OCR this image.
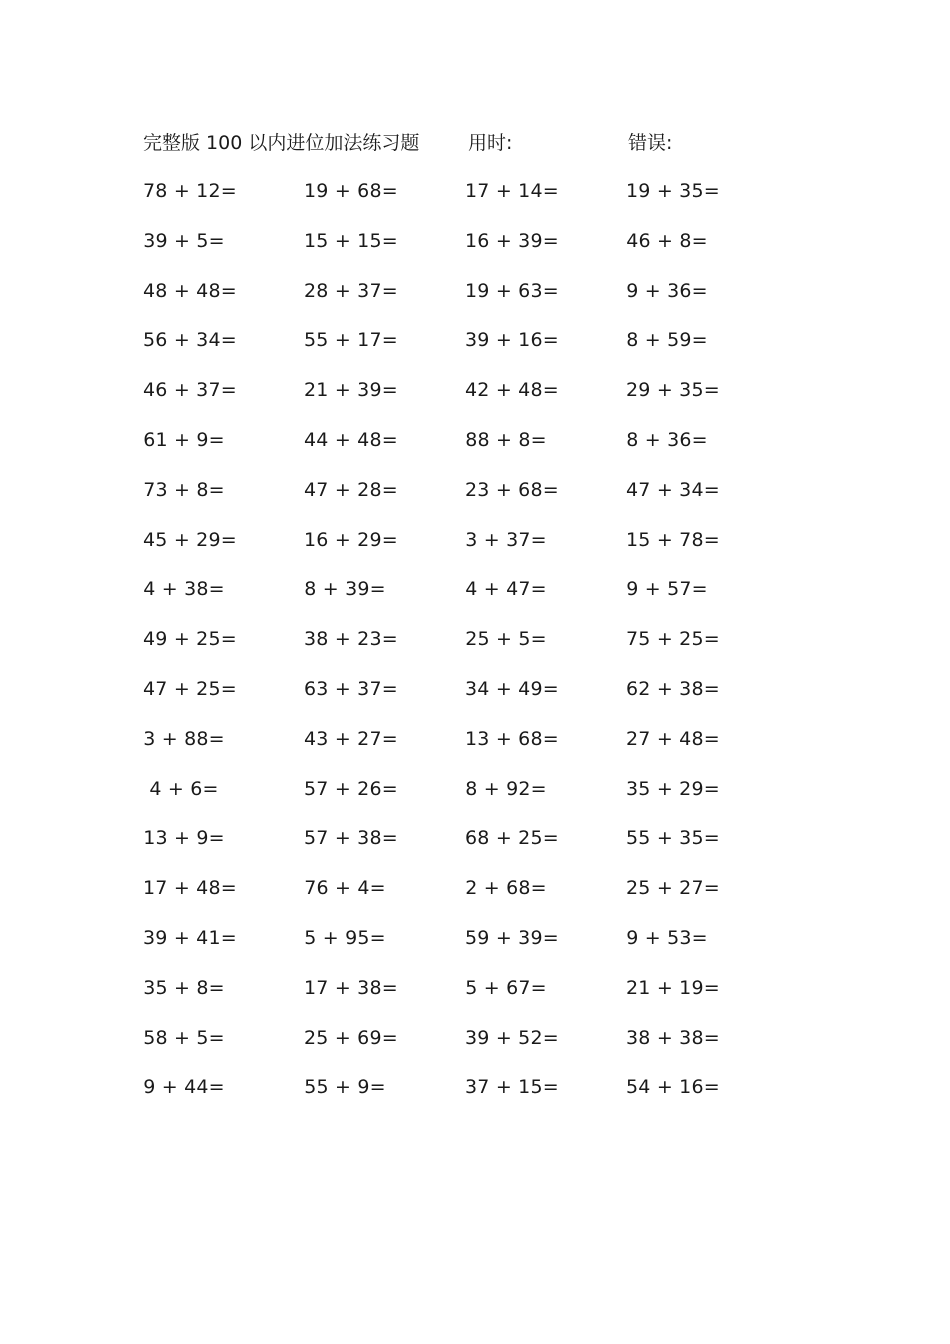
完整版 100 以内进位加法练习题	用时:	错误:
78 + 12=	19 + 68=	17 + 14=	19 + 35=
39 + 5=	15 + 15=	16 + 39=	46 + 8=
48 + 48=	28 + 37=	19 + 63=	9 + 36=
56 + 34=	55 + 17=	39 + 16=	8 + 59=
46 + 37=	21 + 39=	42 + 48=	29 + 35=
61 + 9=	44 + 48=	88 + 8=	8 + 36=
73 + 8=	47 + 28=	23 + 68=	47 + 34=
45 + 29=	16 + 29=	3 + 37=	15 + 78=
4 + 38=	8 + 39=	4 + 47=	9 + 57=
49 + 25=	38 + 23=	25 + 5=	75 + 25=
47 + 25=	63 + 37=	34 + 49=	62 + 38=
3 + 88=	43 + 27=	13 + 68=	27 + 48=
4 + 6=	57 + 26=	8 + 92=	35 + 29=
13 + 9=	57 + 38=	68 + 25=	55 + 35=
17 + 48=	76 + 4=	2 + 68=	25 + 27=
39 + 41=	5 + 95=	59 + 39=	9 + 53=
35 + 8=	17 + 38=	5 + 67=	21 + 19=
58 + 5=	25 + 69=	39 + 52=	38 + 38=
9 + 44=	55 + 9=	37 + 15=	54 + 16=
